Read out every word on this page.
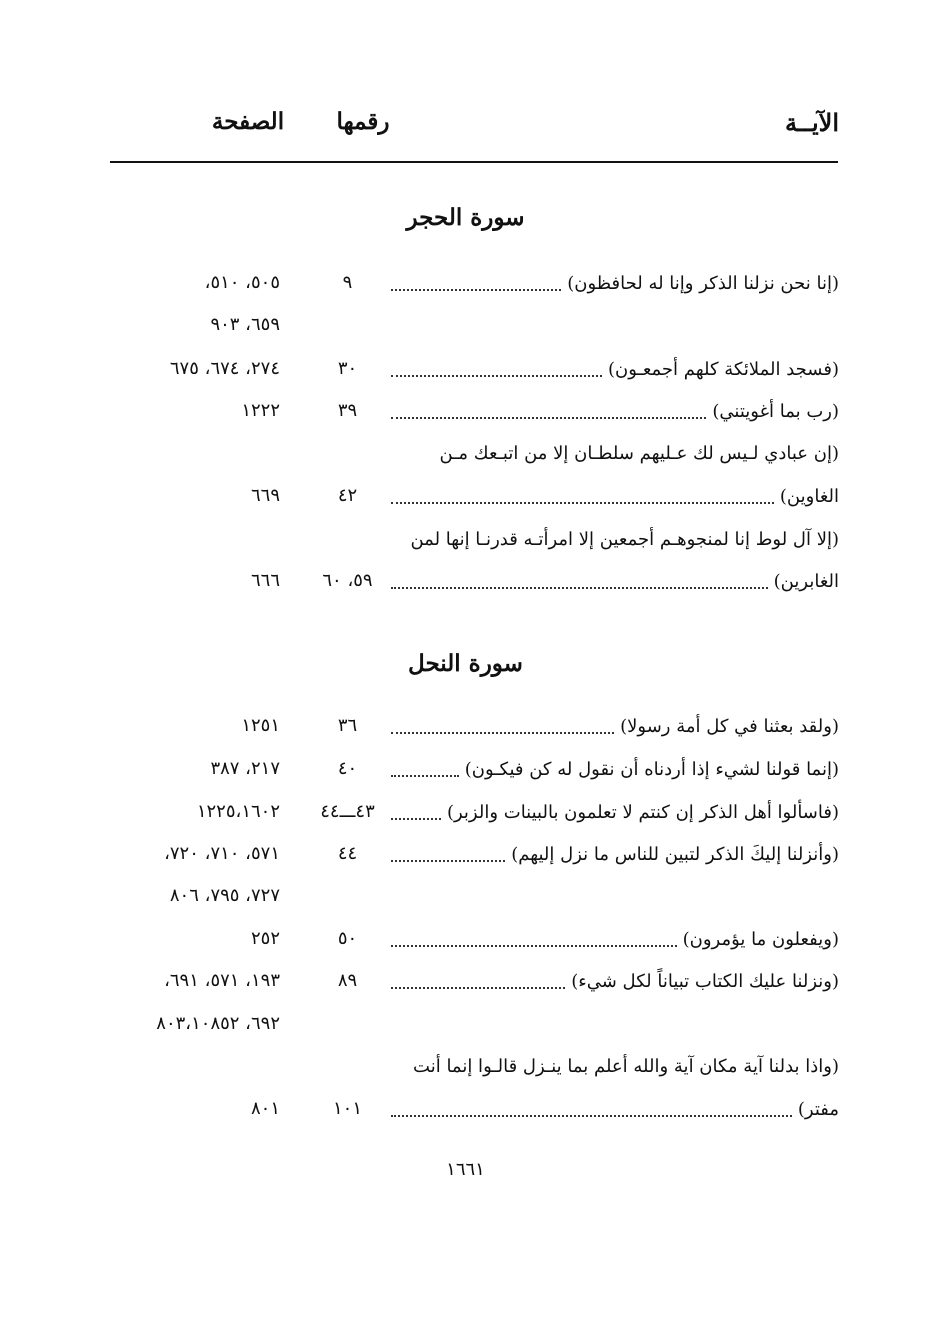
الآيــة
رقمها
الصفحة
سورة الحجر
(إنا نحن نزلنا الذكر وإنا له لحافظون)
٩
٥٠٥، ٥١٠،
٦٥٩، ٩٠٣
(فسجد الملائكة كلهم أجمعـون)
٣٠
٢٧٤، ٦٧٤، ٦٧٥
(رب بما أغويتني)
٣٩
١٢٢٢
(إن عبادي لـيس لك عـليهم سلطـان إلا من اتبـعك مـن
الغاوين)
٤٢
٦٦٩
(إلا آل لوط إنا لمنجوهـم أجمعين إلا امرأتـه قدرنـا إنها لمن
الغابرين)
٥٩، ٦٠
٦٦٦
سورة النحل
(ولقد بعثنا في كل أمة رسولا)
٣٦
١٢٥١
(إنما قولنا لشيء إذا أردناه أن نقول له كن فيكـون)
٤٠
٢١٧، ٣٨٧
(فاسألوا أهل الذكر إن كنتم لا تعلمون بالبينات والزبر)
٤٣ـــ٤٤
١٢٢٥،١٦٠٢
(وأنزلنا إليكَ الذكر لتبين للناس ما نزل إليهم)
٤٤
٥٧١، ٧١٠، ٧٢٠،
٧٢٧، ٧٩٥، ٨٠٦
(ويفعلون ما يؤمرون)
٥٠
٢٥٢
(ونزلنا عليك الكتاب تبياناً لكل شيء)
٨٩
١٩٣، ٥٧١، ٦٩١،
٦٩٢، ٨٠٣،١٠٨٥٢
(واذا بدلنا آية مكان آية والله أعلم بما ينـزل قالـوا إنما أنت
مفتر)
١٠١
٨٠١
١٦٦١
